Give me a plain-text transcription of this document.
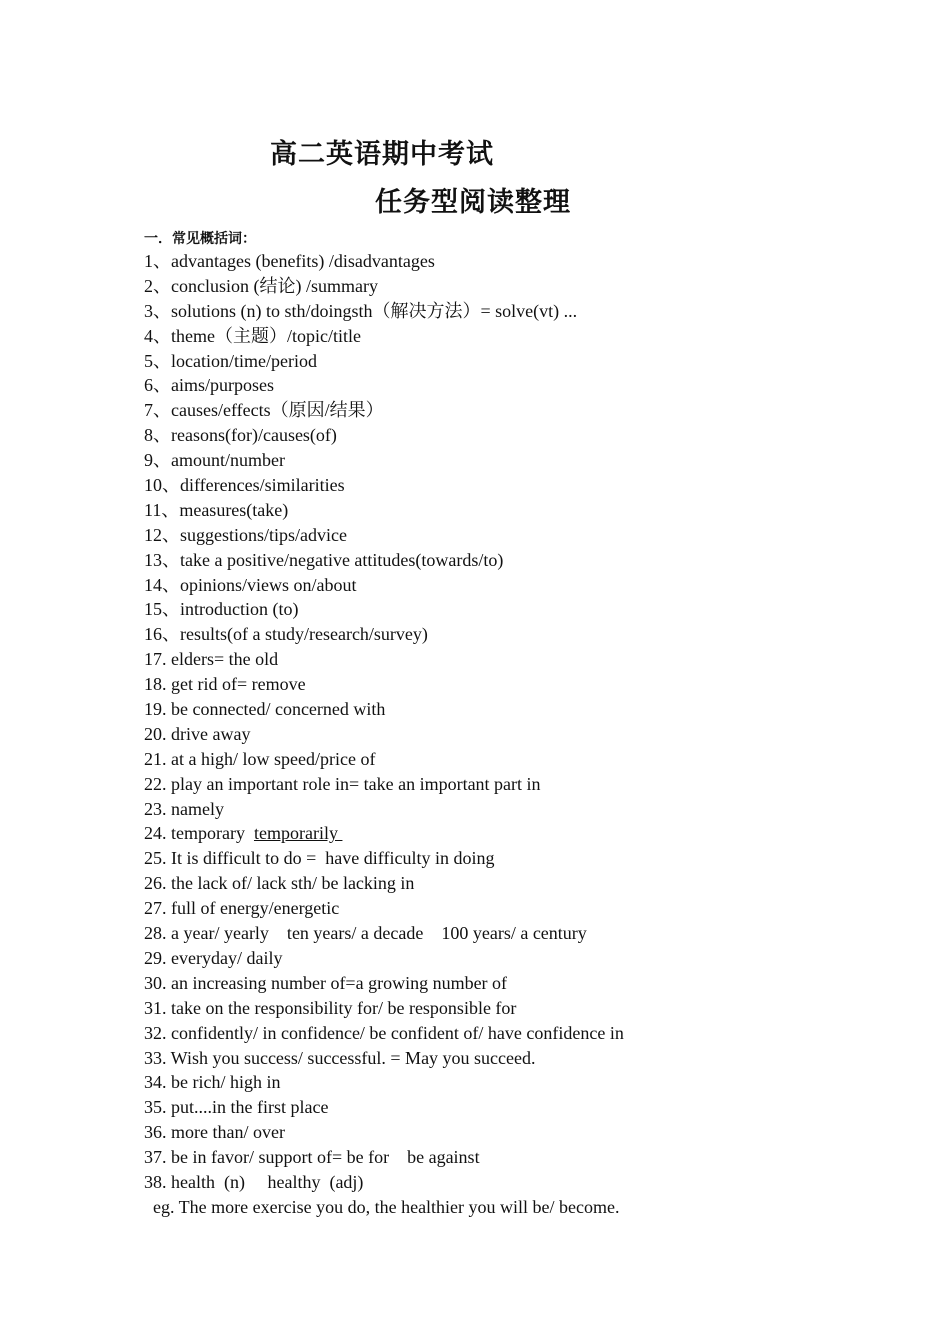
高二英语期中考试
任务型阅读整理
一．常见概括词：
1、advantages (benefits) /disadvantages
2、conclusion (结论) /summary
3、solutions (n) to sth/doingsth（解决方法）= solve(vt) ...
4、theme（主题）/topic/title
5、location/time/period
6、aims/purposes
7、causes/effects（原因/结果）
8、reasons(for)/causes(of)
9、amount/number
10、differences/similarities
11、measures(take)
12、suggestions/tips/advice
13、take a positive/negative attitudes(towards/to)
14、opinions/views on/about
15、introduction (to)
16、results(of a study/research/survey)
17. elders= the old
18. get rid of= remove
19. be connected/ concerned with
20. drive away
21. at a high/ low speed/price of
22. play an important role in= take an important part in
23. namely
24. temporary  temporarily
25. It is difficult to do =  have difficulty in doing
26. the lack of/ lack sth/ be lacking in
27. full of energy/energetic
28. a year/ yearly    ten years/ a decade    100 years/ a century
29. everyday/ daily
30. an increasing number of=a growing number of
31. take on the responsibility for/ be responsible for
32. confidently/ in confidence/ be confident of/ have confidence in
33. Wish you success/ successful. = May you succeed.
34. be rich/ high in
35. put....in the first place
36. more than/ over
37. be in favor/ support of= be for    be against
38. health  (n)     healthy  (adj)
eg. The more exercise you do, the healthier you will be/ become.
